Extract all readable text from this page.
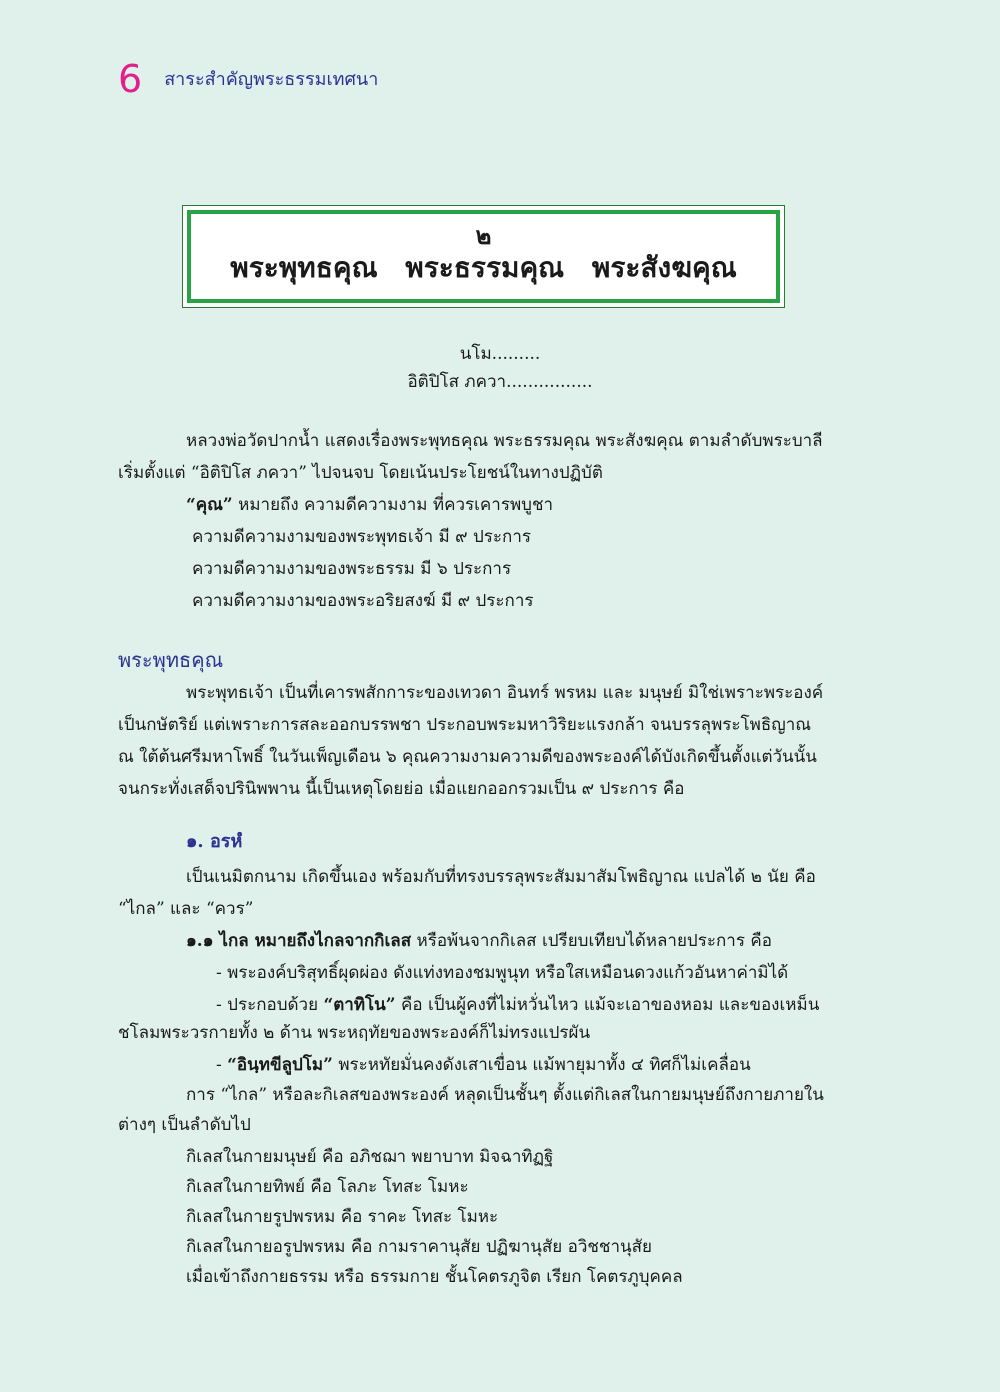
6 สาระสำคัญพระธรรมเทศนา
๒
พระพุทธคุณ พระธรรมคุณ พระสังฆคุณ
นโม.........
อิติปิโส ภควา................
หลวงพ่อวัดปากน้ำ แสดงเรื่องพระพุทธคุณ พระธรรมคุณ พระสังฆคุณ ตามลำดับพระบาลี
เริ่มตั้งแต่ “อิติปิโส ภควา” ไปจนจบ โดยเน้นประโยชน์ในทางปฏิบัติ
“คุณ” หมายถึง ความดีความงาม ที่ควรเคารพบูชา
ความดีความงามของพระพุทธเจ้า มี ๙ ประการ
ความดีความงามของพระธรรม มี ๖ ประการ
ความดีความงามของพระอริยสงฆ์ มี ๙ ประการ
พระพุทธคุณ
พระพุทธเจ้า เป็นที่เคารพสักการะของเทวดา อินทร์ พรหม และ มนุษย์ มิใช่เพราะพระองค์
เป็นกษัตริย์ แต่เพราะการสละออกบรรพชา ประกอบพระมหาวิริยะแรงกล้า จนบรรลุพระโพธิญาณ
ณ ใต้ต้นศรีมหาโพธิ์ ในวันเพ็ญเดือน ๖ คุณความงามความดีของพระองค์ได้บังเกิดขึ้นตั้งแต่วันนั้น
จนกระทั่งเสด็จปรินิพพาน นี้เป็นเหตุโดยย่อ เมื่อแยกออกรวมเป็น ๙ ประการ คือ
๑. อรหํ
เป็นเนมิตกนาม เกิดขึ้นเอง พร้อมกับที่ทรงบรรลุพระสัมมาสัมโพธิญาณ แปลได้ ๒ นัย คือ
“ไกล” และ “ควร”
๑.๑ ไกล หมายถึงไกลจากกิเลส หรือพ้นจากกิเลส เปรียบเทียบได้หลายประการ คือ
- พระองค์บริสุทธิ์ผุดผ่อง ดังแท่งทองชมพูนุท หรือใสเหมือนดวงแก้วอันหาค่ามิได้
- ประกอบด้วย “ตาทิโน” คือ เป็นผู้คงที่ไม่หวั่นไหว แม้จะเอาของหอม และของเหม็น
ชโลมพระวรกายทั้ง ๒ ด้าน พระหฤทัยของพระองค์ก็ไม่ทรงแปรผัน
- “อินฺทขีลูปโม” พระหทัยมั่นคงดังเสาเขื่อน แม้พายุมาทั้ง ๔ ทิศก็ไม่เคลื่อน
การ “ไกล” หรือละกิเลสของพระองค์ หลุดเป็นชั้นๆ ตั้งแต่กิเลสในกายมนุษย์ถึงกายภายใน
ต่างๆ เป็นลำดับไป
กิเลสในกายมนุษย์ คือ อภิชฌา พยาบาท มิจฉาทิฏฐิ
กิเลสในกายทิพย์ คือ โลภะ โทสะ โมหะ
กิเลสในกายรูปพรหม คือ ราคะ โทสะ โมหะ
กิเลสในกายอรูปพรหม คือ กามราคานุสัย ปฏิฆานุสัย อวิชชานุสัย
เมื่อเข้าถึงกายธรรม หรือ ธรรมกาย ชั้นโคตรภูจิต เรียก โคตรภูบุคคล
